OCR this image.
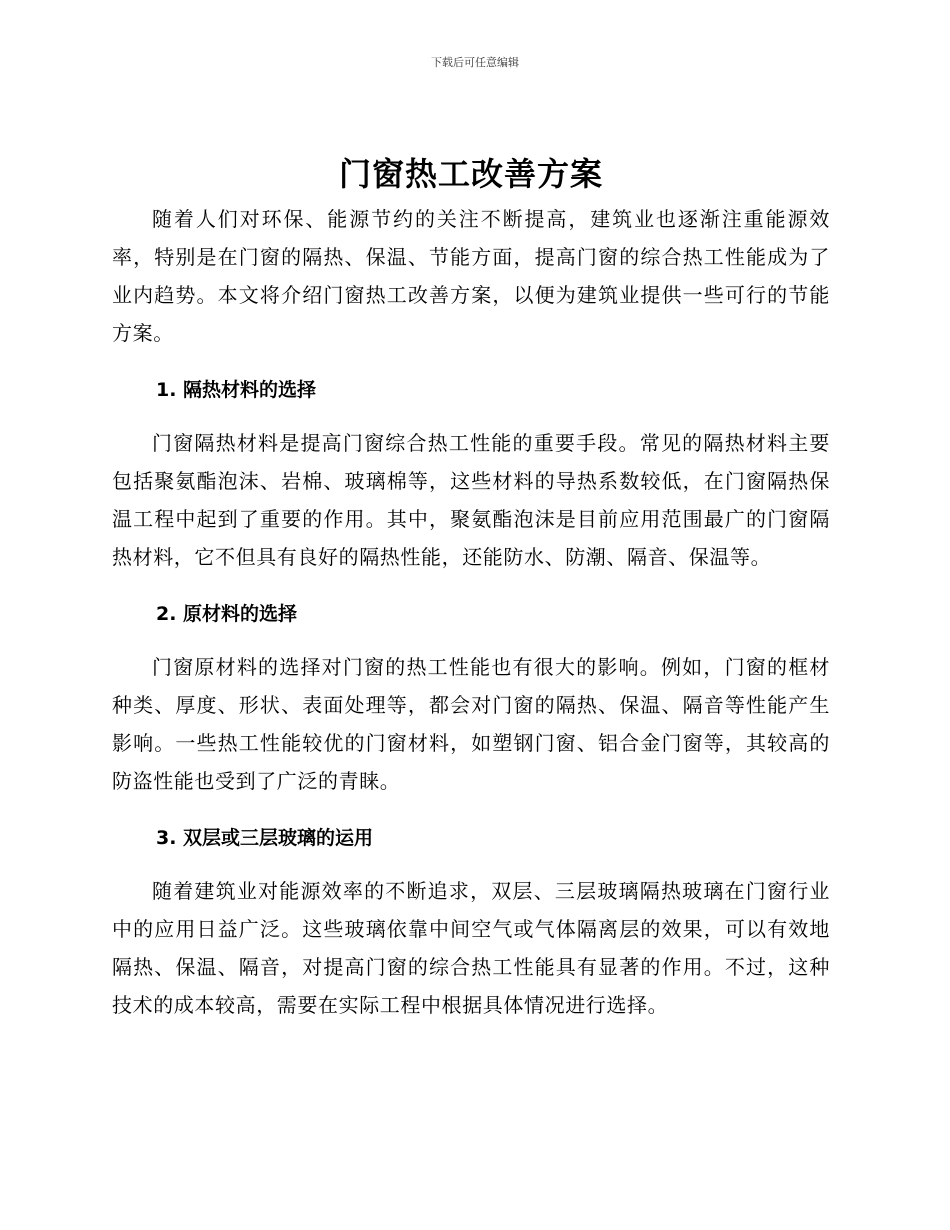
下载后可任意编辑
门窗热工改善方案

随着人们对环保、能源节约的关注不断提高，建筑业也逐渐注重能源效率，特别是在门窗的隔热、保温、节能方面，提高门窗的综合热工性能成为了业内趋势。本文将介绍门窗热工改善方案，以便为建筑业提供一些可行的节能方案。

1. 隔热材料的选择

门窗隔热材料是提高门窗综合热工性能的重要手段。常见的隔热材料主要包括聚氨酯泡沫、岩棉、玻璃棉等，这些材料的导热系数较低，在门窗隔热保温工程中起到了重要的作用。其中，聚氨酯泡沫是目前应用范围最广的门窗隔热材料，它不但具有良好的隔热性能，还能防水、防潮、隔音、保温等。

2. 原材料的选择

门窗原材料的选择对门窗的热工性能也有很大的影响。例如，门窗的框材种类、厚度、形状、表面处理等，都会对门窗的隔热、保温、隔音等性能产生影响。一些热工性能较优的门窗材料，如塑钢门窗、铝合金门窗等，其较高的防盗性能也受到了广泛的青睐。

3. 双层或三层玻璃的运用

随着建筑业对能源效率的不断追求，双层、三层玻璃隔热玻璃在门窗行业中的应用日益广泛。这些玻璃依靠中间空气或气体隔离层的效果，可以有效地隔热、保温、隔音，对提高门窗的综合热工性能具有显著的作用。不过，这种技术的成本较高，需要在实际工程中根据具体情况进行选择。
